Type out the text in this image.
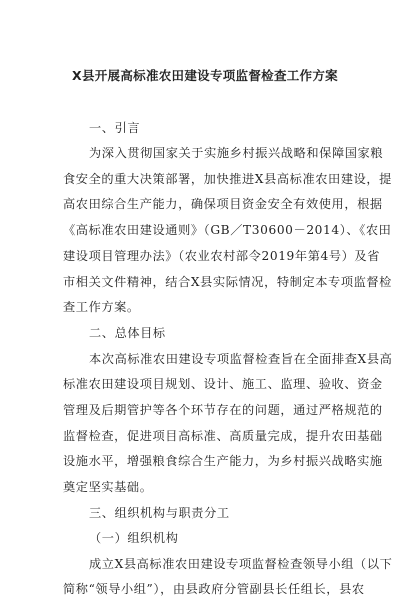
X县开展高标准农田建设专项监督检查工作方案
一、引言
为深入贯彻国家关于实施乡村振兴战略和保障国家粮
食安全的重大决策部署，加快推进X县高标准农田建设，提
高农田综合生产能力，确保项目资金安全有效使用，根据
《高标准农田建设通则》（GB／T30600－2014）、《农田
建设项目管理办法》（农业农村部令2019年第4号）及省
市相关文件精神，结合X县实际情况，特制定本专项监督检
查工作方案。
二、总体目标
本次高标准农田建设专项监督检查旨在全面排查X县高
标准农田建设项目规划、设计、施工、监理、验收、资金
管理及后期管护等各个环节存在的问题，通过严格规范的
监督检查，促进项目高标准、高质量完成，提升农田基础
设施水平，增强粮食综合生产能力，为乡村振兴战略实施
奠定坚实基础。
三、组织机构与职责分工
（一）组织机构
成立X县高标准农田建设专项监督检查领导小组（以下
简称“领导小组”），由县政府分管副县长任组长，县农
